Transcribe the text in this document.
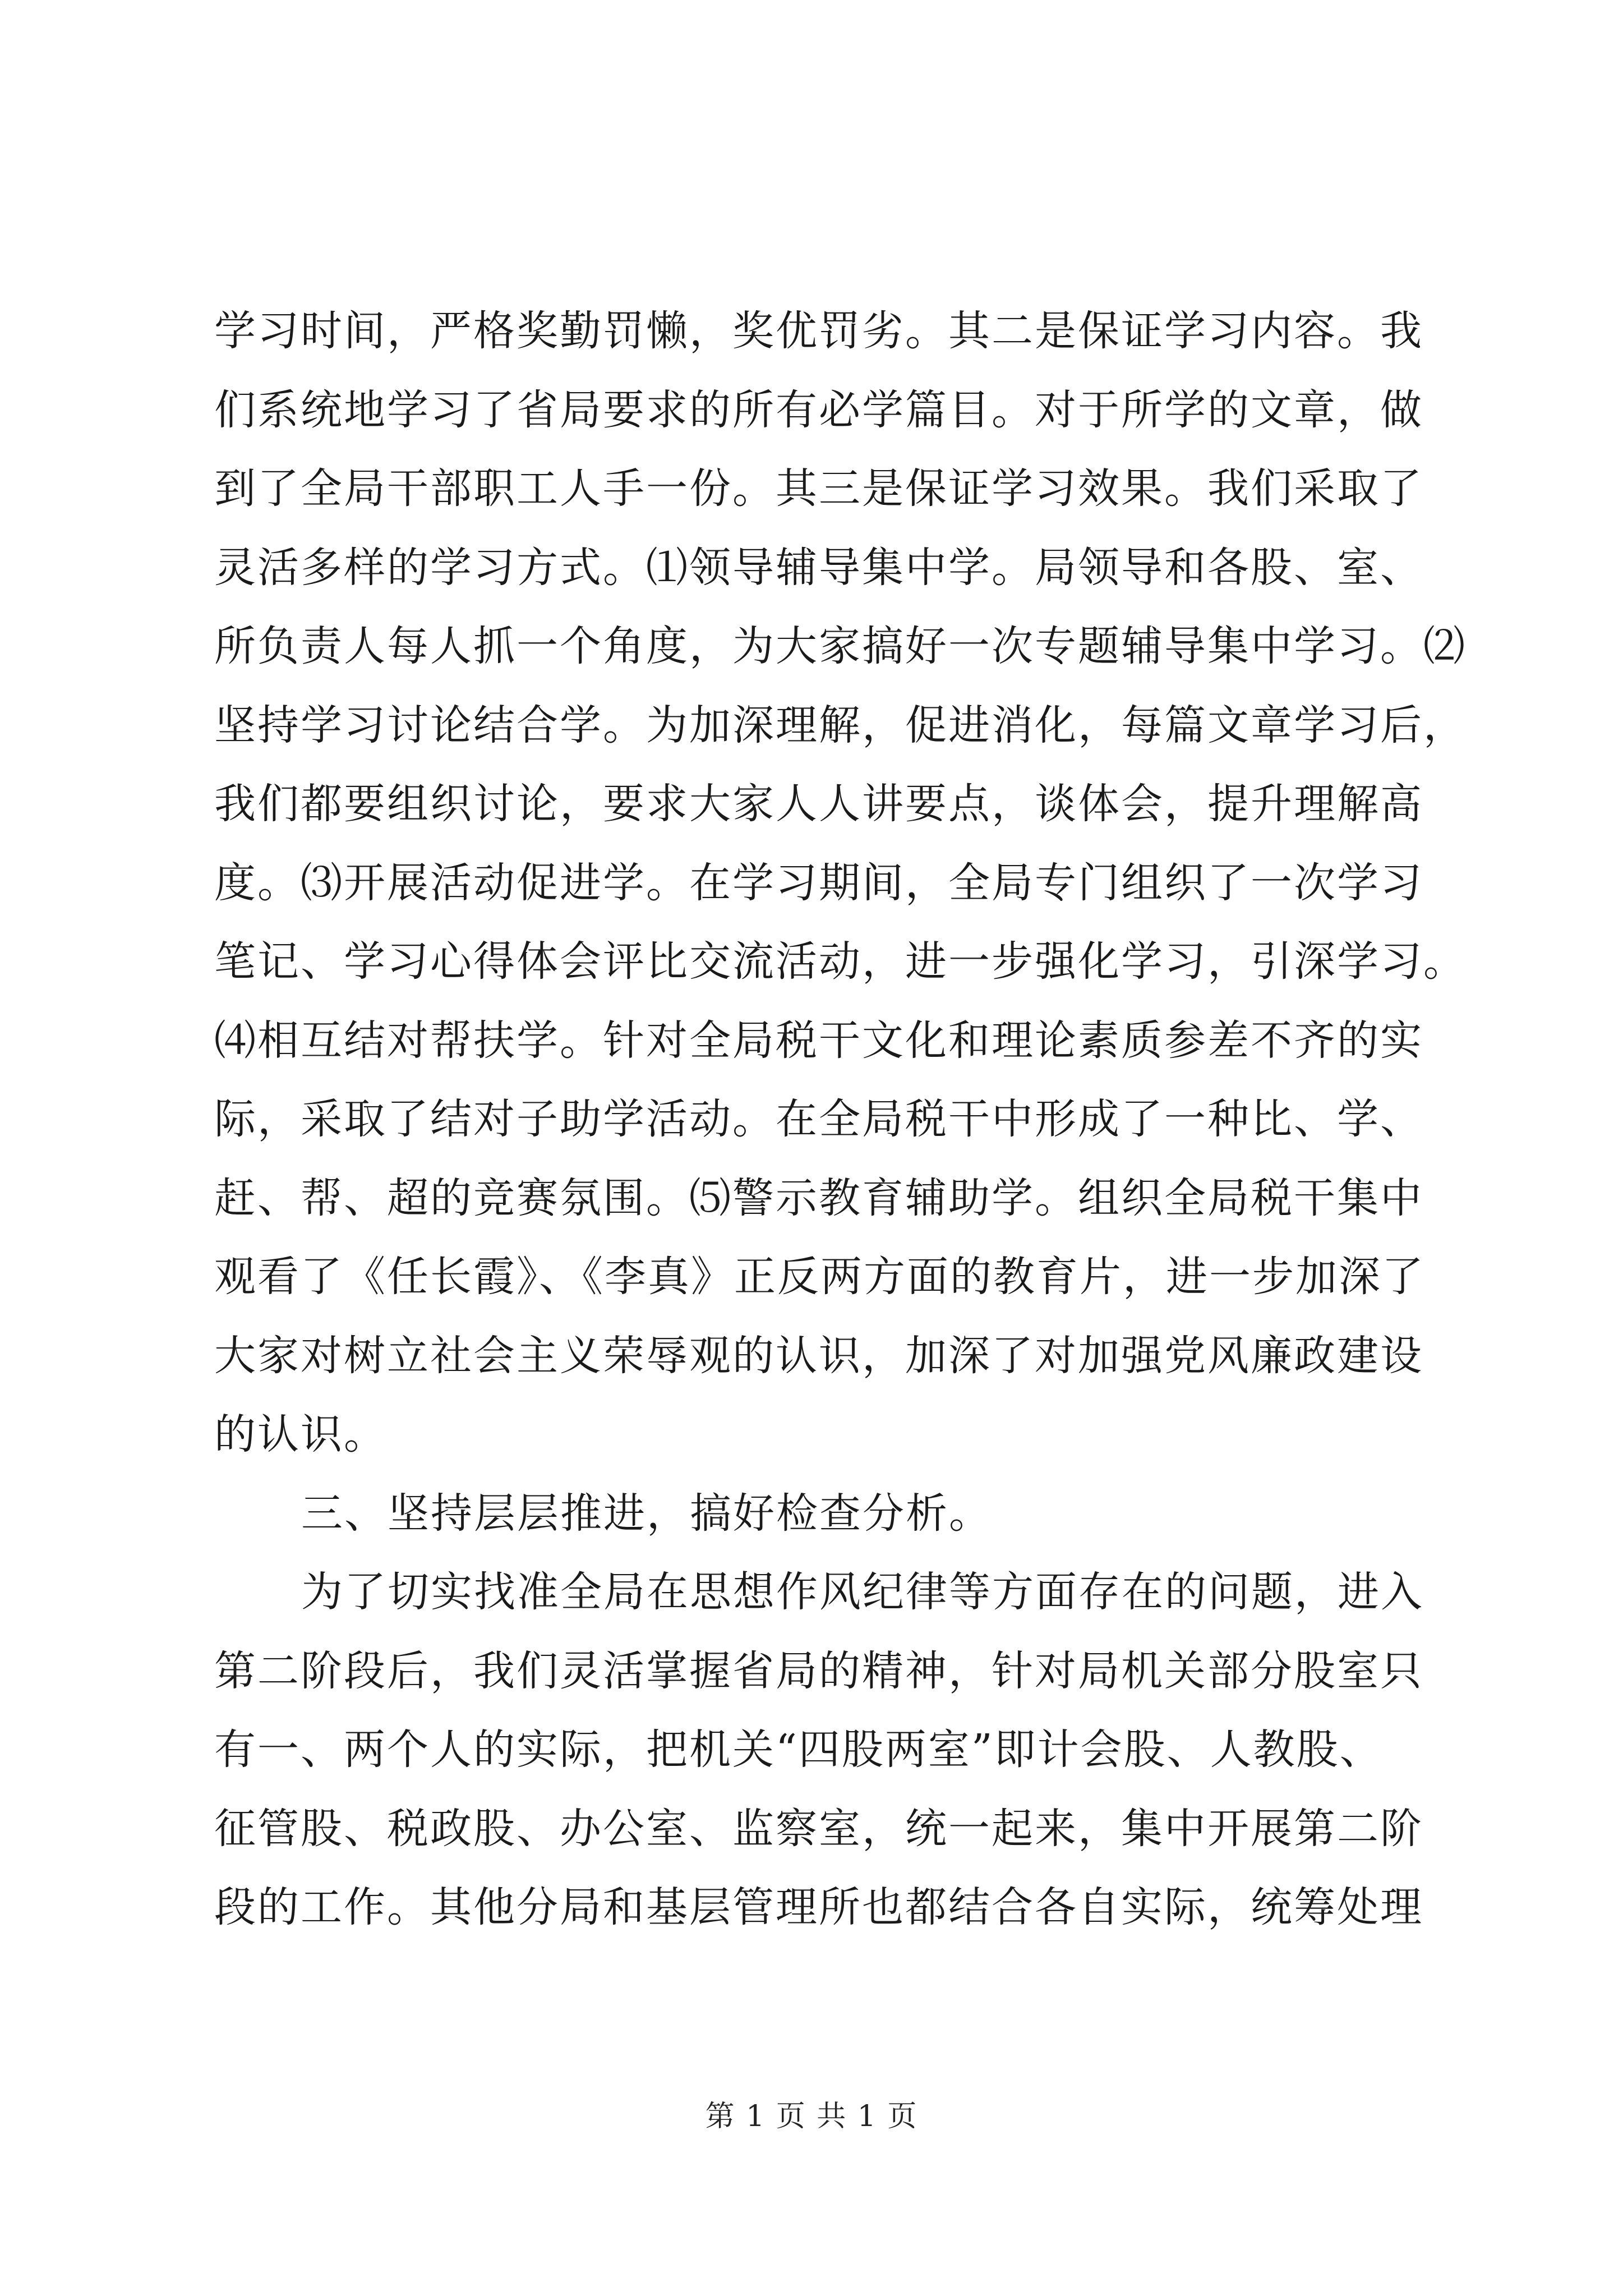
学习时间，严格奖勤罚懒，奖优罚劣。其二是保证学习内容。我
们系统地学习了省局要求的所有必学篇目。对于所学的文章，做
到了全局干部职工人手一份。其三是保证学习效果。我们采取了
灵活多样的学习方式。⑴领导辅导集中学。局领导和各股、室、
所负责人每人抓一个角度，为大家搞好一次专题辅导集中学习。⑵
坚持学习讨论结合学。为加深理解，促进消化，每篇文章学习后，
我们都要组织讨论，要求大家人人讲要点，谈体会，提升理解高
度。⑶开展活动促进学。在学习期间，全局专门组织了一次学习
笔记、学习心得体会评比交流活动，进一步强化学习，引深学习。
⑷相互结对帮扶学。针对全局税干文化和理论素质参差不齐的实
际，采取了结对子助学活动。在全局税干中形成了一种比、学、
赶、帮、超的竞赛氛围。⑸警示教育辅助学。组织全局税干集中
观看了《任长霞》、《李真》正反两方面的教育片，进一步加深了
大家对树立社会主义荣辱观的认识，加深了对加强党风廉政建设
的认识。
三、坚持层层推进，搞好检查分析。
为了切实找准全局在思想作风纪律等方面存在的问题，进入
第二阶段后，我们灵活掌握省局的精神，针对局机关部分股室只
有一、两个人的实际，把机关“四股两室”即计会股、人教股、
征管股、税政股、办公室、监察室，统一起来，集中开展第二阶
段的工作。其他分局和基层管理所也都结合各自实际，统筹处理
第 1 页 共 1 页
